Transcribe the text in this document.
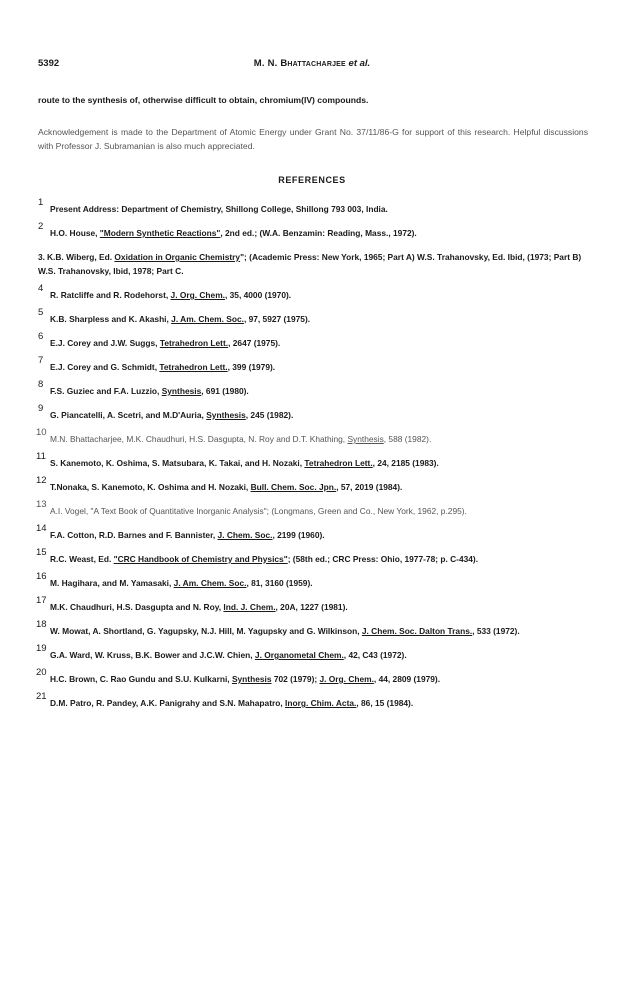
5392	M. N. Bhattacharjee et al.

route to the synthesis of, otherwise difficult to obtain, chromium(IV) compounds.

Acknowledgement is made to the Department of Atomic Energy under Grant No. 37/11/86-G for support of this research. Helpful discussions with Professor J. Subramanian is also much appreciated.

REFERENCES
1
Present Address: Department of Chemistry, Shillong College, Shillong 793 003, India.
2
H.O. House, "Modern Synthetic Reactions", 2nd ed.; (W.A. Benzamin: Reading, Mass., 1972).
3. K.B. Wiberg, Ed. Oxidation in Organic Chemistry"; (Academic Press: New York, 1965; Part A) W.S. Trahanovsky, Ed. Ibid, (1973; Part B) W.S. Trahanovsky, Ibid, 1978; Part C.
4
R. Ratcliffe and R. Rodehorst, J. Org. Chem., 35, 4000 (1970).
5
K.B. Sharpless and K. Akashi, J. Am. Chem. Soc., 97, 5927 (1975).
6
E.J. Corey and J.W. Suggs, Tetrahedron Lett., 2647 (1975).
7
E.J. Corey and G. Schmidt, Tetrahedron Lett., 399 (1979).
8
F.S. Guziec and F.A. Luzzio, Synthesis, 691 (1980).
9
G. Piancatelli, A. Scetri, and M.D'Auria, Synthesis, 245 (1982).
10
M.N. Bhattacharjee, M.K. Chaudhuri, H.S. Dasgupta, N. Roy and D.T. Khathing, Synthesis, 588 (1982).
11
S. Kanemoto, K. Oshima, S. Matsubara, K. Takai, and H. Nozaki, Tetrahedron Lett., 24, 2185 (1983).
12
T.Nonaka, S. Kanemoto, K. Oshima and H. Nozaki, Bull. Chem. Soc. Jpn., 57, 2019 (1984).
13
A.I. Vogel, "A Text Book of Quantitative Inorganic Analysis"; (Longmans, Green and Co., New York, 1962, p.295).
14
F.A. Cotton, R.D. Barnes and F. Bannister, J. Chem. Soc., 2199 (1960).
15
R.C. Weast, Ed. "CRC Handbook of Chemistry and Physics"; (58th ed.; CRC Press: Ohio, 1977-78; p. C-434).
16
M. Hagihara, and M. Yamasaki, J. Am. Chem. Soc., 81, 3160 (1959).
17
M.K. Chaudhuri, H.S. Dasgupta and N. Roy, Ind. J. Chem., 20A, 1227 (1981).
18
W. Mowat, A. Shortland, G. Yagupsky, N.J. Hill, M. Yagupsky and G. Wilkinson, J. Chem. Soc. Dalton Trans., 533 (1972).
19
G.A. Ward, W. Kruss, B.K. Bower and J.C.W. Chien, J. Organometal Chem., 42, C43 (1972).
20
H.C. Brown, C. Rao Gundu and S.U. Kulkarni, Synthesis 702 (1979); J. Org. Chem., 44, 2809 (1979).
21
D.M. Patro, R. Pandey, A.K. Panigrahy and S.N. Mahapatro, Inorg. Chim. Acta., 86, 15 (1984).
